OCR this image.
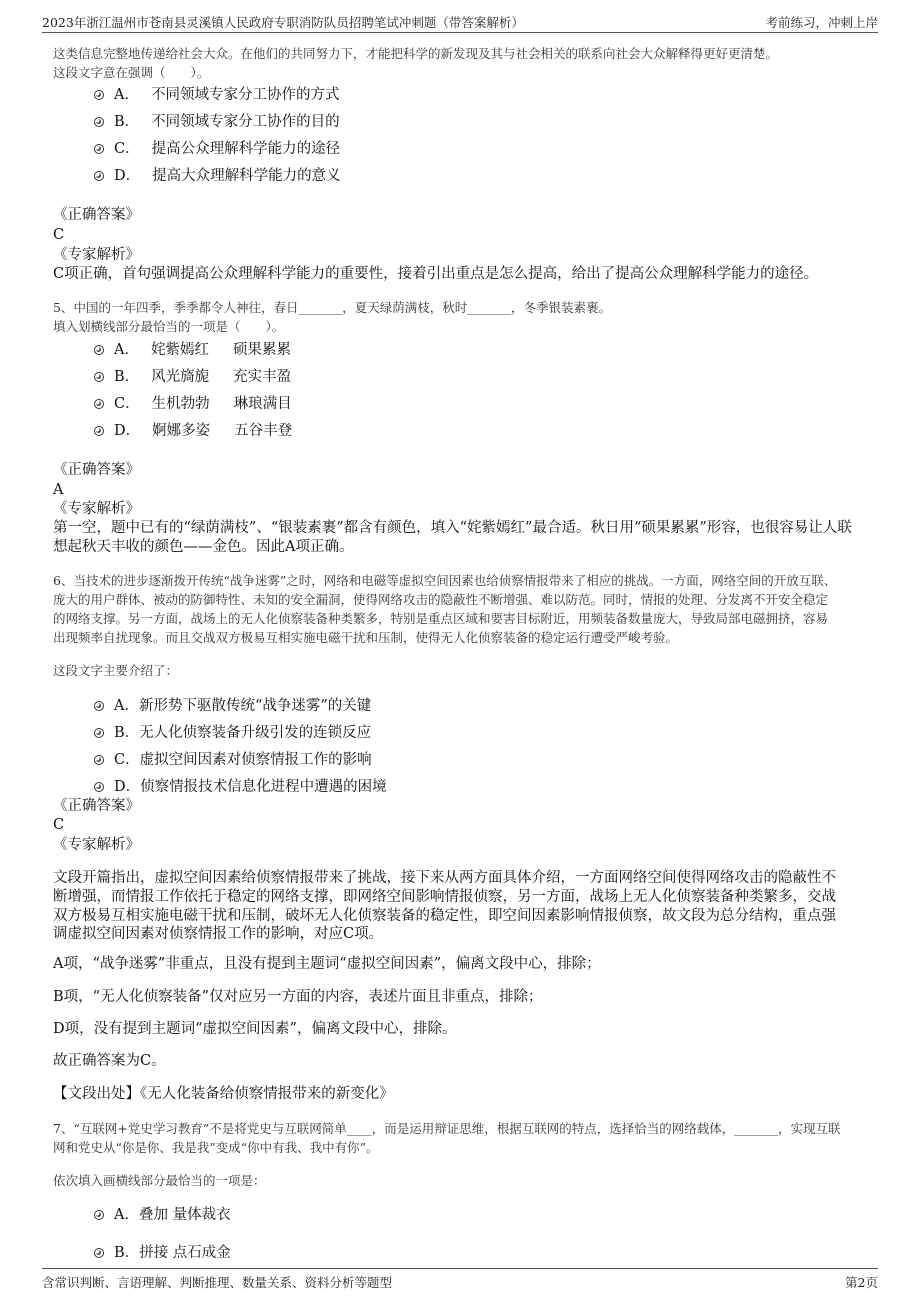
2023年浙江温州市苍南县灵溪镇人民政府专职消防队员招聘笔试冲刺题（带答案解析）	考前练习，冲刺上岸
这类信息完整地传递给社会大众。在他们的共同努力下，才能把科学的新发现及其与社会相关的联系向社会大众解释得更好更清楚。
这段文字意在强调（　　）。
A． 不同领域专家分工协作的方式
B． 不同领域专家分工协作的目的
C． 提高公众理解科学能力的途径
D． 提高大众理解科学能力的意义
《正确答案》
C
《专家解析》
C项正确，首句强调提高公众理解科学能力的重要性，接着引出重点是怎么提高，给出了提高公众理解科学能力的途径。
5、中国的一年四季，季季都令人神往，春日_______，夏天绿荫满枝，秋时_______，冬季银装素裹。
填入划横线部分最恰当的一项是（　　）。
A． 姹紫嫣红 硕果累累
B． 风光旖旎 充实丰盈
C． 生机勃勃 琳琅满目
D． 婀娜多姿 五谷丰登
《正确答案》
A
《专家解析》
第一空，题中已有的“绿荫满枝”、“银装素裹”都含有颜色，填入“姹紫嫣红”最合适。秋日用“硕果累累”形容，也很容易让人联
想起秋天丰收的颜色——金色。因此A项正确。
6、当技术的进步逐渐拨开传统“战争迷雾”之时，网络和电磁等虚拟空间因素也给侦察情报带来了相应的挑战。一方面，网络空间的开放互联、
庞大的用户群体、被动的防御特性、未知的安全漏洞，使得网络攻击的隐蔽性不断增强、难以防范。同时，情报的处理、分发离不开安全稳定
的网络支撑。另一方面，战场上的无人化侦察装备种类繁多，特别是重点区域和要害目标附近，用频装备数量庞大，导致局部电磁拥挤，容易
出现频率自扰现象。而且交战双方极易互相实施电磁干扰和压制，使得无人化侦察装备的稳定运行遭受严峻考验。
这段文字主要介绍了：
A．新形势下驱散传统“战争迷雾”的关键
B．无人化侦察装备升级引发的连锁反应
C．虚拟空间因素对侦察情报工作的影响
D．侦察情报技术信息化进程中遭遇的困境
《正确答案》
C
《专家解析》
文段开篇指出，虚拟空间因素给侦察情报带来了挑战，接下来从两方面具体介绍，一方面网络空间使得网络攻击的隐蔽性不
断增强，而情报工作依托于稳定的网络支撑，即网络空间影响情报侦察，另一方面，战场上无人化侦察装备种类繁多，交战
双方极易互相实施电磁干扰和压制，破坏无人化侦察装备的稳定性，即空间因素影响情报侦察，故文段为总分结构，重点强
调虚拟空间因素对侦察情报工作的影响，对应C项。
A项，“战争迷雾”非重点，且没有提到主题词“虚拟空间因素”，偏离文段中心，排除；
B项，“无人化侦察装备”仅对应另一方面的内容，表述片面且非重点，排除；
D项，没有提到主题词“虚拟空间因素”，偏离文段中心，排除。
故正确答案为C。
【文段出处】《无人化装备给侦察情报带来的新变化》
7、“互联网+党史学习教育”不是将党史与互联网简单____，而是运用辩证思维，根据互联网的特点，选择恰当的网络载体，_______，实现互联
网和党史从“你是你、我是我”变成“你中有我、我中有你”。
依次填入画横线部分最恰当的一项是：
A．叠加 量体裁衣
B．拼接 点石成金
含常识判断、言语理解、判断推理、数量关系、资料分析等题型	第2页
